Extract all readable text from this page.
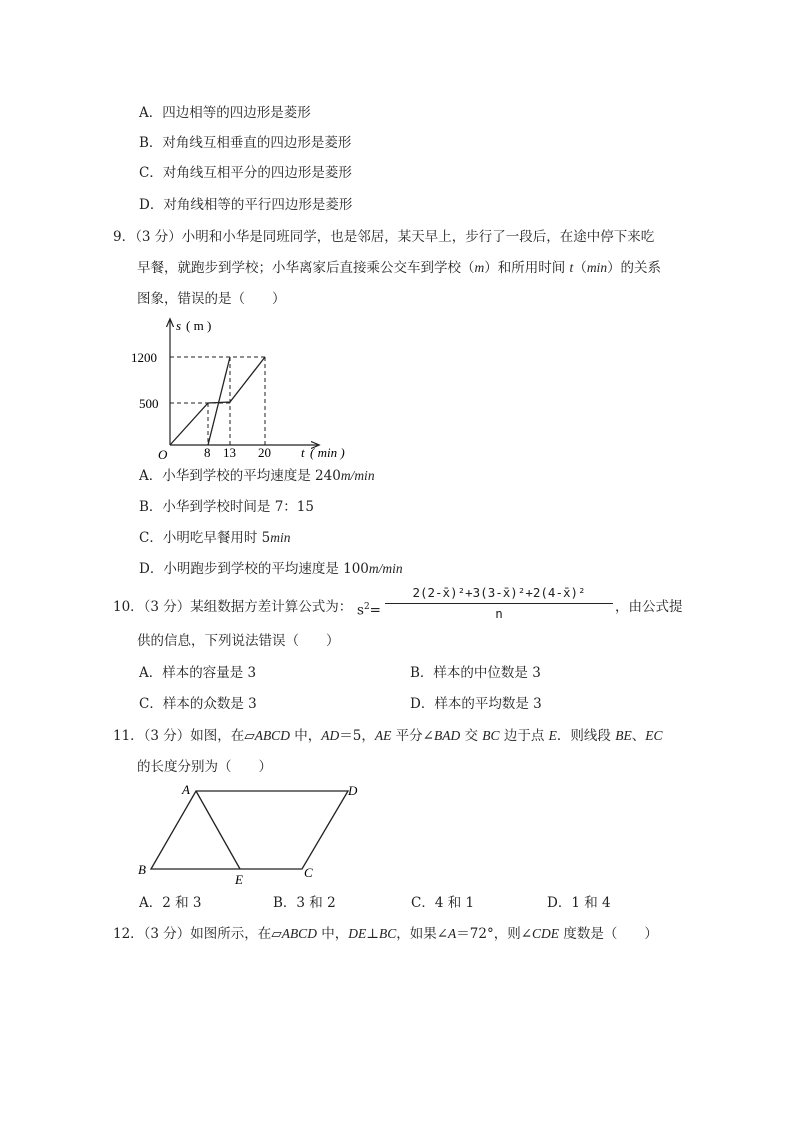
A．四边相等的四边形是菱形
B．对角线互相垂直的四边形是菱形
C．对角线互相平分的四边形是菱形
D．对角线相等的平行四边形是菱形
9．（3 分）小明和小华是同班同学，也是邻居，某天早上，步行了一段后，在途中停下来吃
早餐，就跑步到学校；小华离家后直接乘公交车到学校（m）和所用时间 t（min）的关系
图象，错误的是（　　）
s ( m )
1200
500
O	8 13 20 t ( min )
A．小华到学校的平均速度是 240m/min
B．小华到学校时间是 7：15
C．小明吃早餐用时 5min
D．小明跑步到学校的平均速度是 100m/min
10．（3 分）某组数据方差计算公式为： $s^2= \frac{\text{2(2-x̄)²+3(3-x̄)²+2(4-x̄)²}}{n}$ ，由公式提
供的信息，下列说法错误（　　）
A．样本的容量是 3	B．样本的中位数是 3
C．样本的众数是 3	D．样本的平均数是 3
11．（3 分）如图，在▱ABCD 中，AD＝5，AE 平分∠BAD 交 BC 边于点 E．则线段 BE、EC
的长度分别为（　　）
A	D
B
E	C
A．2 和 3	B．3 和 2	C．4 和 1	D．1 和 4
12．（3 分）如图所示，在▱ABCD 中，DE⊥BC，如果∠A＝72°，则∠CDE 度数是（　　）
